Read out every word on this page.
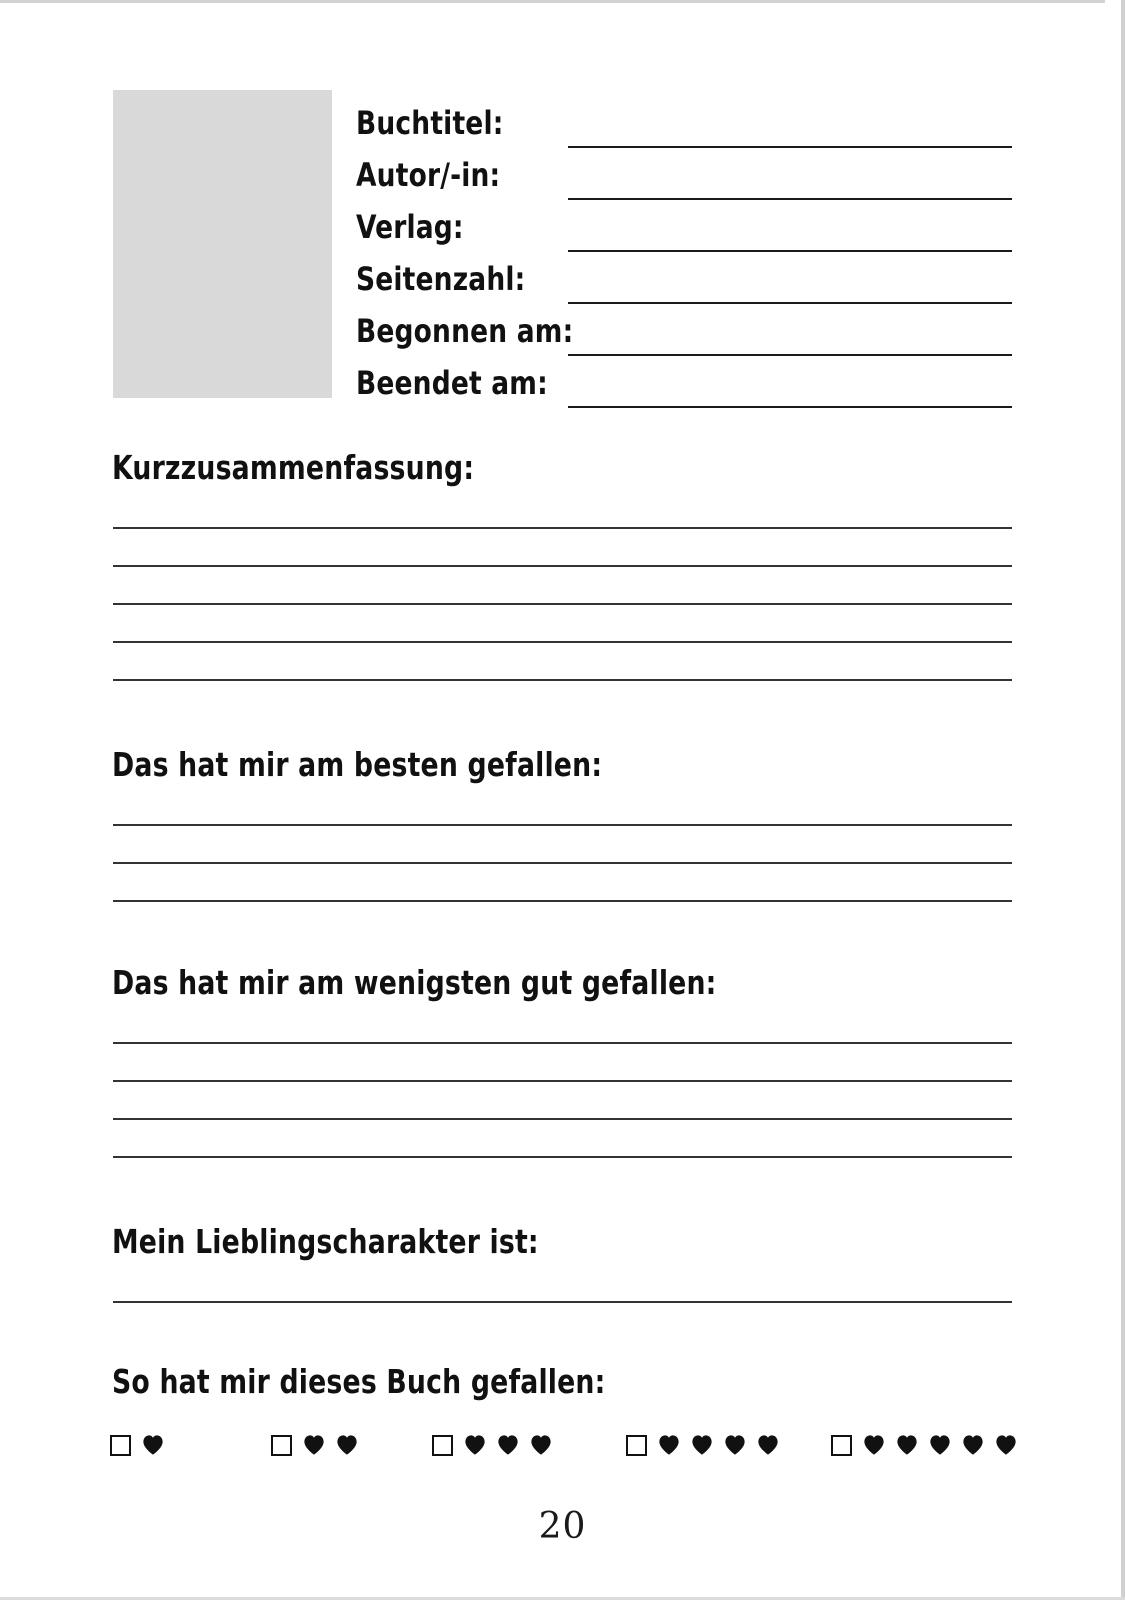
Buchtitel:
Autor/-in:
Verlag:
Seitenzahl:
Begonnen am:
Beendet am:
Kurzzusammenfassung:
Das hat mir am besten gefallen:
Das hat mir am wenigsten gut gefallen:
Mein Lieblingscharakter ist:
So hat mir dieses Buch gefallen:
20
